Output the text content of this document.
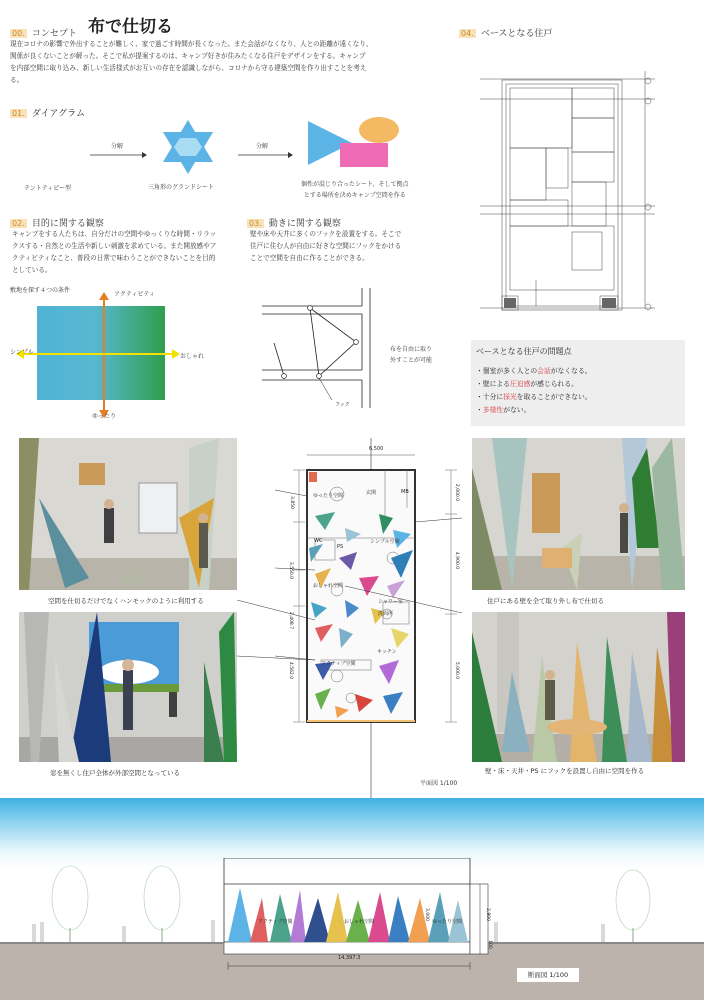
00. コンセプト 布で仕切る
現在コロナの影響で外出することが難しく、家で過ごす時間が長くなった。また会話がなくなり、人との距離が遠くなり、
関係が良くないことが解った。そこで私が提案するのは、キャンプ好きが住みたくなる住戸をデザインをする。キャンプ
を内部空間に取り込み、新しい生活様式がお互いの存在を認識しながら、コロナから守る建築空間を作り出すことを考え
る。
01. ダイアグラム
分解
三角形のグランドシート
テントティピー型
分解
個性が混じり合ったシート、そして拠点
とする場所を決めキャンプ空間を作る
02. 目的に関する観察
キャンプをする人たちは、自分だけの空間やゆっくりな時間・リラッ
クスする・自然との生活や新しい刺激を求めている。また開放感やア
クティビティなこと、普段の日常で味わうことができないことを目的
としている。
敷地を探す４つの条件
アクティビティ
シンプル
おしゃれ
ゆったり
03. 動きに関する観察
壁や床や天井に多くのフックを設置をする。そこで
住戸に住む人が自由に好きな空間にフックをかける
ことで空間を自由に作ることができる。
布を自由に取り
外すことが可能
フック
04. ベースとなる住戸
ベースとなる住戸の問題点
・個室が多く人との会話がなくなる。
・壁による圧迫感が感じられる。
・十分に採光を取ることができない。
・多様性がない。
空間を仕切るだけでなくハンモックのように利用する
窓を無くし住戸全体が外部空間となっている
住戸にある壁を全て取り外し布で仕切る
壁・床・天井・PS にフックを設置し自由に空間を作る
6,500
ゆったり空間	玄関	MB
WC
PS
シンプル空間
おしゃれ空間
シャワー室
洗面所
キッチン
アクティブ空間
3,850
3,550.0
2,408.7
4,562.0
2,000.0
4,900.0
5,000.0
平面図 1/100
アクティブ空間	おしゃれ空間	ゆったり空間
14,397.3
2,800
3,000
100
断面図 1/100
